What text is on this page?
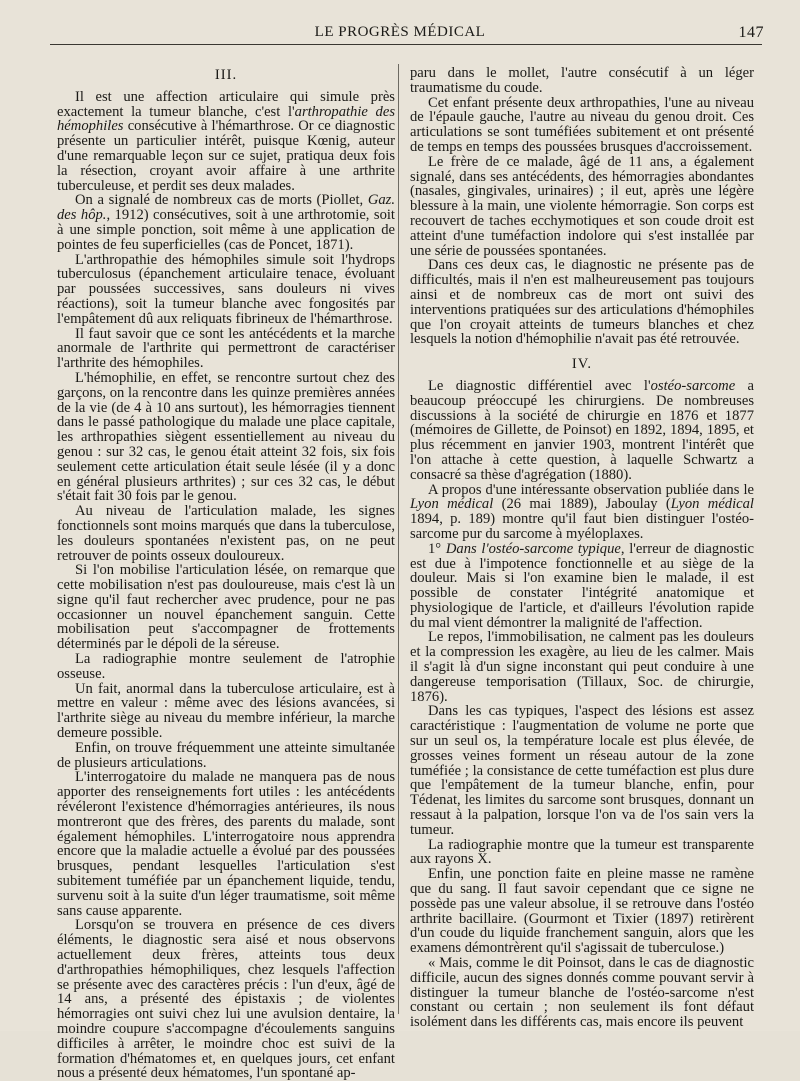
LE PROGRÈS MÉDICAL	147

III.

Il est une affection articulaire qui simule près exactement la tumeur blanche, c'est l'arthropathie des hémophiles consécutive à l'hémarthrose. Or ce diagnostic présente un particulier intérêt, puisque Kœnig, auteur d'une remarquable leçon sur ce sujet, pratiqua deux fois la résection, croyant avoir affaire à une arthrite tuberculeuse, et perdit ses deux malades.

On a signalé de nombreux cas de morts (Piollet, Gaz. des hôp., 1912) consécutives, soit à une arthrotomie, soit à une simple ponction, soit même à une application de pointes de feu superficielles (cas de Poncet, 1871).

L'arthropathie des hémophiles simule soit l'hydrops tuberculosus (épanchement articulaire tenace, évoluant par poussées successives, sans douleurs ni vives réactions), soit la tumeur blanche avec fongosités par l'empâtement dû aux reliquats fibrineux de l'hémarthrose.

Il faut savoir que ce sont les antécédents et la marche anormale de l'arthrite qui permettront de caractériser l'arthrite des hémophiles.

L'hémophilie, en effet, se rencontre surtout chez des garçons, on la rencontre dans les quinze premières années de la vie (de 4 à 10 ans surtout), les hémorragies tiennent dans le passé pathologique du malade une place capitale, les arthropathies siègent essentiellement au niveau du genou : sur 32 cas, le genou était atteint 32 fois, six fois seulement cette articulation était seule lésée (il y a donc en général plusieurs arthrites) ; sur ces 32 cas, le début s'était fait 30 fois par le genou.

Au niveau de l'articulation malade, les signes fonctionnels sont moins marqués que dans la tuberculose, les douleurs spontanées n'existent pas, on ne peut retrouver de points osseux douloureux.

Si l'on mobilise l'articulation lésée, on remarque que cette mobilisation n'est pas douloureuse, mais c'est là un signe qu'il faut rechercher avec prudence, pour ne pas occasionner un nouvel épanchement sanguin. Cette mobilisation peut s'accompagner de frottements déterminés par le dépoli de la séreuse.

La radiographie montre seulement de l'atrophie osseuse.

Un fait, anormal dans la tuberculose articulaire, est à mettre en valeur : même avec des lésions avancées, si l'arthrite siège au niveau du membre inférieur, la marche demeure possible.

Enfin, on trouve fréquemment une atteinte simultanée de plusieurs articulations.

L'interrogatoire du malade ne manquera pas de nous apporter des renseignements fort utiles : les antécédents révéleront l'existence d'hémorragies antérieures, ils nous montreront que des frères, des parents du malade, sont également hémophiles. L'interrogatoire nous apprendra encore que la maladie actuelle a évolué par des poussées brusques, pendant lesquelles l'articulation s'est subitement tuméfiée par un épanchement liquide, tendu, survenu soit à la suite d'un léger traumatisme, soit même sans cause apparente.

Lorsqu'on se trouvera en présence de ces divers éléments, le diagnostic sera aisé et nous observons actuellement deux frères, atteints tous deux d'arthropathies hémophiliques, chez lesquels l'affection se présente avec des caractères précis : l'un d'eux, âgé de 14 ans, a présenté des épistaxis ; de violentes hémorragies ont suivi chez lui une avulsion dentaire, la moindre coupure s'accompagne d'écoulements sanguins difficiles à arrêter, le moindre choc est suivi de la formation d'hématomes et, en quelques jours, cet enfant nous a présenté deux hématomes, l'un spontané ap-

paru dans le mollet, l'autre consécutif à un léger traumatisme du coude.

Cet enfant présente deux arthropathies, l'une au niveau de l'épaule gauche, l'autre au niveau du genou droit. Ces articulations se sont tuméfiées subitement et ont présenté de temps en temps des poussées brusques d'accroissement.

Le frère de ce malade, âgé de 11 ans, a également signalé, dans ses antécédents, des hémorragies abondantes (nasales, gingivales, urinaires) ; il eut, après une légère blessure à la main, une violente hémorragie. Son corps est recouvert de taches ecchymotiques et son coude droit est atteint d'une tuméfaction indolore qui s'est installée par une série de poussées spontanées.

Dans ces deux cas, le diagnostic ne présente pas de difficultés, mais il n'en est malheureusement pas toujours ainsi et de nombreux cas de mort ont suivi des interventions pratiquées sur des articulations d'hémophiles que l'on croyait atteints de tumeurs blanches et chez lesquels la notion d'hémophilie n'avait pas été retrouvée.

IV.

Le diagnostic différentiel avec l'ostéo-sarcome a beaucoup préoccupé les chirurgiens. De nombreuses discussions à la société de chirurgie en 1876 et 1877 (mémoires de Gillette, de Poinsot) en 1892, 1894, 1895, et plus récemment en janvier 1903, montrent l'intérêt que l'on attache à cette question, à laquelle Schwartz a consacré sa thèse d'agrégation (1880).

A propos d'une intéressante observation publiée dans le Lyon médical (26 mai 1889), Jaboulay (Lyon médical 1894, p. 189) montre qu'il faut bien distinguer l'ostéo-sarcome pur du sarcome à myéloplaxes.

1° Dans l'ostéo-sarcome typique, l'erreur de diagnostic est due à l'impotence fonctionnelle et au siège de la douleur. Mais si l'on examine bien le malade, il est possible de constater l'intégrité anatomique et physiologique de l'article, et d'ailleurs l'évolution rapide du mal vient démontrer la malignité de l'affection.

Le repos, l'immobilisation, ne calment pas les douleurs et la compression les exagère, au lieu de les calmer. Mais il s'agit là d'un signe inconstant qui peut conduire à une dangereuse temporisation (Tillaux, Soc. de chirurgie, 1876).

Dans les cas typiques, l'aspect des lésions est assez caractéristique : l'augmentation de volume ne porte que sur un seul os, la température locale est plus élevée, de grosses veines forment un réseau autour de la zone tuméfiée ; la consistance de cette tuméfaction est plus dure que l'empâtement de la tumeur blanche, enfin, pour Tédenat, les limites du sarcome sont brusques, donnant un ressaut à la palpation, lorsque l'on va de l'os sain vers la tumeur.

La radiographie montre que la tumeur est transparente aux rayons X.

Enfin, une ponction faite en pleine masse ne ramène que du sang. Il faut savoir cependant que ce signe ne possède pas une valeur absolue, il se retrouve dans l'ostéo arthrite bacillaire. (Gourmont et Tixier (1897) retirèrent d'un coude du liquide franchement sanguin, alors que les examens démontrèrent qu'il s'agissait de tuberculose.)

« Mais, comme le dit Poinsot, dans le cas de diagnostic difficile, aucun des signes donnés comme pouvant servir à distinguer la tumeur blanche de l'ostéo-sarcome n'est constant ou certain ; non seulement ils font défaut isolément dans les différents cas, mais encore ils peuvent
